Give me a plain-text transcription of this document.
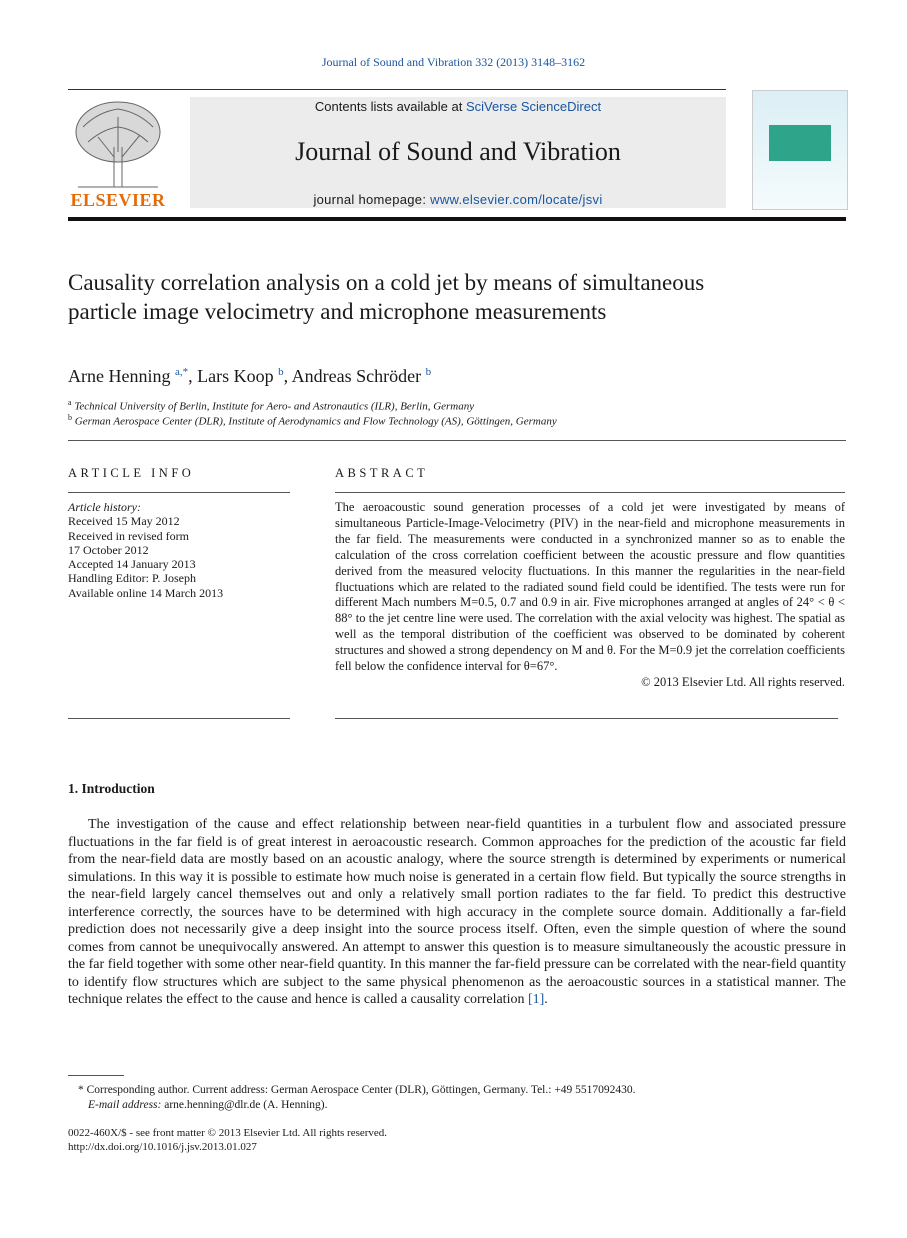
Journal of Sound and Vibration 332 (2013) 3148–3162
ELSEVIER
Contents lists available at SciVerse ScienceDirect
Journal of Sound and Vibration
journal homepage: www.elsevier.com/locate/jsvi
Causality correlation analysis on a cold jet by means of simultaneous particle image velocimetry and microphone measurements
Arne Henning $^{a,*}$, Lars Koop $^b$, Andreas Schröder $^b$
$^a$ Technical University of Berlin, Institute for Aero- and Astronautics (ILR), Berlin, Germany
$^b$ German Aerospace Center (DLR), Institute of Aerodynamics and Flow Technology (AS), Göttingen, Germany
ARTICLE INFO
Article history:
Received 15 May 2012
Received in revised form
17 October 2012
Accepted 14 January 2013
Handling Editor: P. Joseph
Available online 14 March 2013
ABSTRACT
The aeroacoustic sound generation processes of a cold jet were investigated by means of simultaneous Particle-Image-Velocimetry (PIV) in the near-field and microphone measurements in the far field. The measurements were conducted in a synchronized manner so as to enable the calculation of the cross correlation coefficient between the acoustic pressure and flow quantities derived from the measured velocity fluctuations. In this manner the regularities in the near-field fluctuations which are related to the radiated sound field could be identified. The tests were run for different Mach numbers M=0.5, 0.7 and 0.9 in air. Five microphones arranged at angles of 24° < θ < 88° to the jet centre line were used. The correlation with the axial velocity was highest. The spatial as well as the temporal distribution of the coefficient was observed to be dominated by coherent structures and showed a strong dependency on M and θ. For the M=0.9 jet the correlation coefficients fell below the confidence interval for θ=67°.
© 2013 Elsevier Ltd. All rights reserved.
1. Introduction
The investigation of the cause and effect relationship between near-field quantities in a turbulent flow and associated pressure fluctuations in the far field is of great interest in aeroacoustic research. Common approaches for the prediction of the acoustic far field from the near-field data are mostly based on an acoustic analogy, where the source strength is determined by experiments or numerical simulations. In this way it is possible to estimate how much noise is generated in a certain flow field. But typically the source strengths in the near-field largely cancel themselves out and only a relatively small portion radiates to the far field. To predict this destructive interference correctly, the sources have to be determined with high accuracy in the complete source domain. Additionally a far-field prediction does not necessarily give a deep insight into the source process itself. Often, even the simple question of where the sound comes from cannot be unequivocally answered. An attempt to answer this question is to measure simultaneously the acoustic pressure in the far field together with some other near-field quantity. In this manner the far-field pressure can be correlated with the near-field quantity to identify flow structures which are subject to the same physical phenomenon as the aeroacoustic sources in a statistical manner. The technique relates the effect to the cause and hence is called a causality correlation [1].
* Corresponding author. Current address: German Aerospace Center (DLR), Göttingen, Germany. Tel.: +49 5517092430.
E-mail address: arne.henning@dlr.de (A. Henning).
0022-460X/$ - see front matter © 2013 Elsevier Ltd. All rights reserved.
http://dx.doi.org/10.1016/j.jsv.2013.01.027
